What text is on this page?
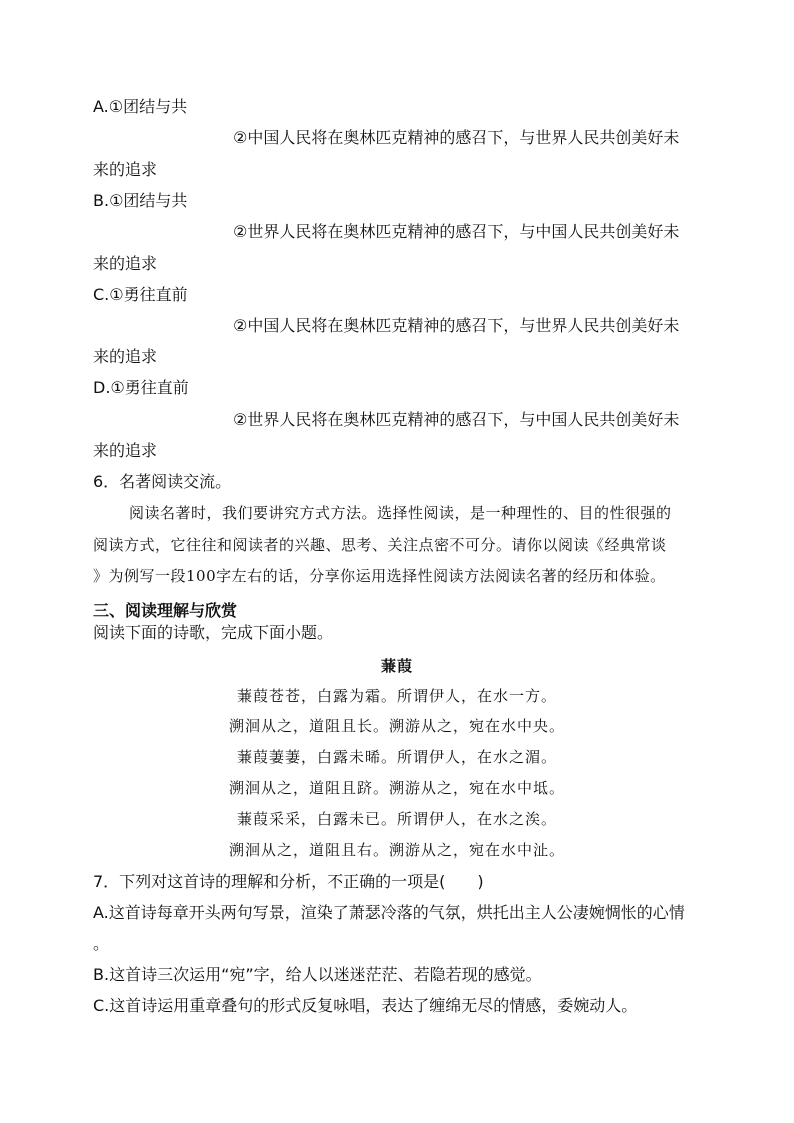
A.①团结与共
②中国人民将在奥林匹克精神的感召下，与世界人民共创美好未
来的追求
B.①团结与共
②世界人民将在奥林匹克精神的感召下，与中国人民共创美好未
来的追求
C.①勇往直前
②中国人民将在奥林匹克精神的感召下，与世界人民共创美好未
来的追求
D.①勇往直前
②世界人民将在奥林匹克精神的感召下，与中国人民共创美好未
来的追求
6．名著阅读交流。
阅读名著时，我们要讲究方式方法。选择性阅读，是一种理性的、目的性很强的
阅读方式，它往往和阅读者的兴趣、思考、关注点密不可分。请你以阅读《经典常谈
》为例写一段100字左右的话，分享你运用选择性阅读方法阅读名著的经历和体验。
三、阅读理解与欣赏
阅读下面的诗歌，完成下面小题。
蒹葭
蒹葭苍苍，白露为霜。所谓伊人，在水一方。
溯洄从之，道阻且长。溯游从之，宛在水中央。
蒹葭萋萋，白露未晞。所谓伊人，在水之湄。
溯洄从之，道阻且跻。溯游从之，宛在水中坻。
蒹葭采采，白露未已。所谓伊人，在水之涘。
溯洄从之，道阻且右。溯游从之，宛在水中沚。
7．下列对这首诗的理解和分析，不正确的一项是(　　)
A.这首诗每章开头两句写景，渲染了萧瑟冷落的气氛，烘托出主人公凄婉惆怅的心情
。
B.这首诗三次运用“宛”字，给人以迷迷茫茫、若隐若现的感觉。
C.这首诗运用重章叠句的形式反复咏唱，表达了缠绵无尽的情感，委婉动人。
